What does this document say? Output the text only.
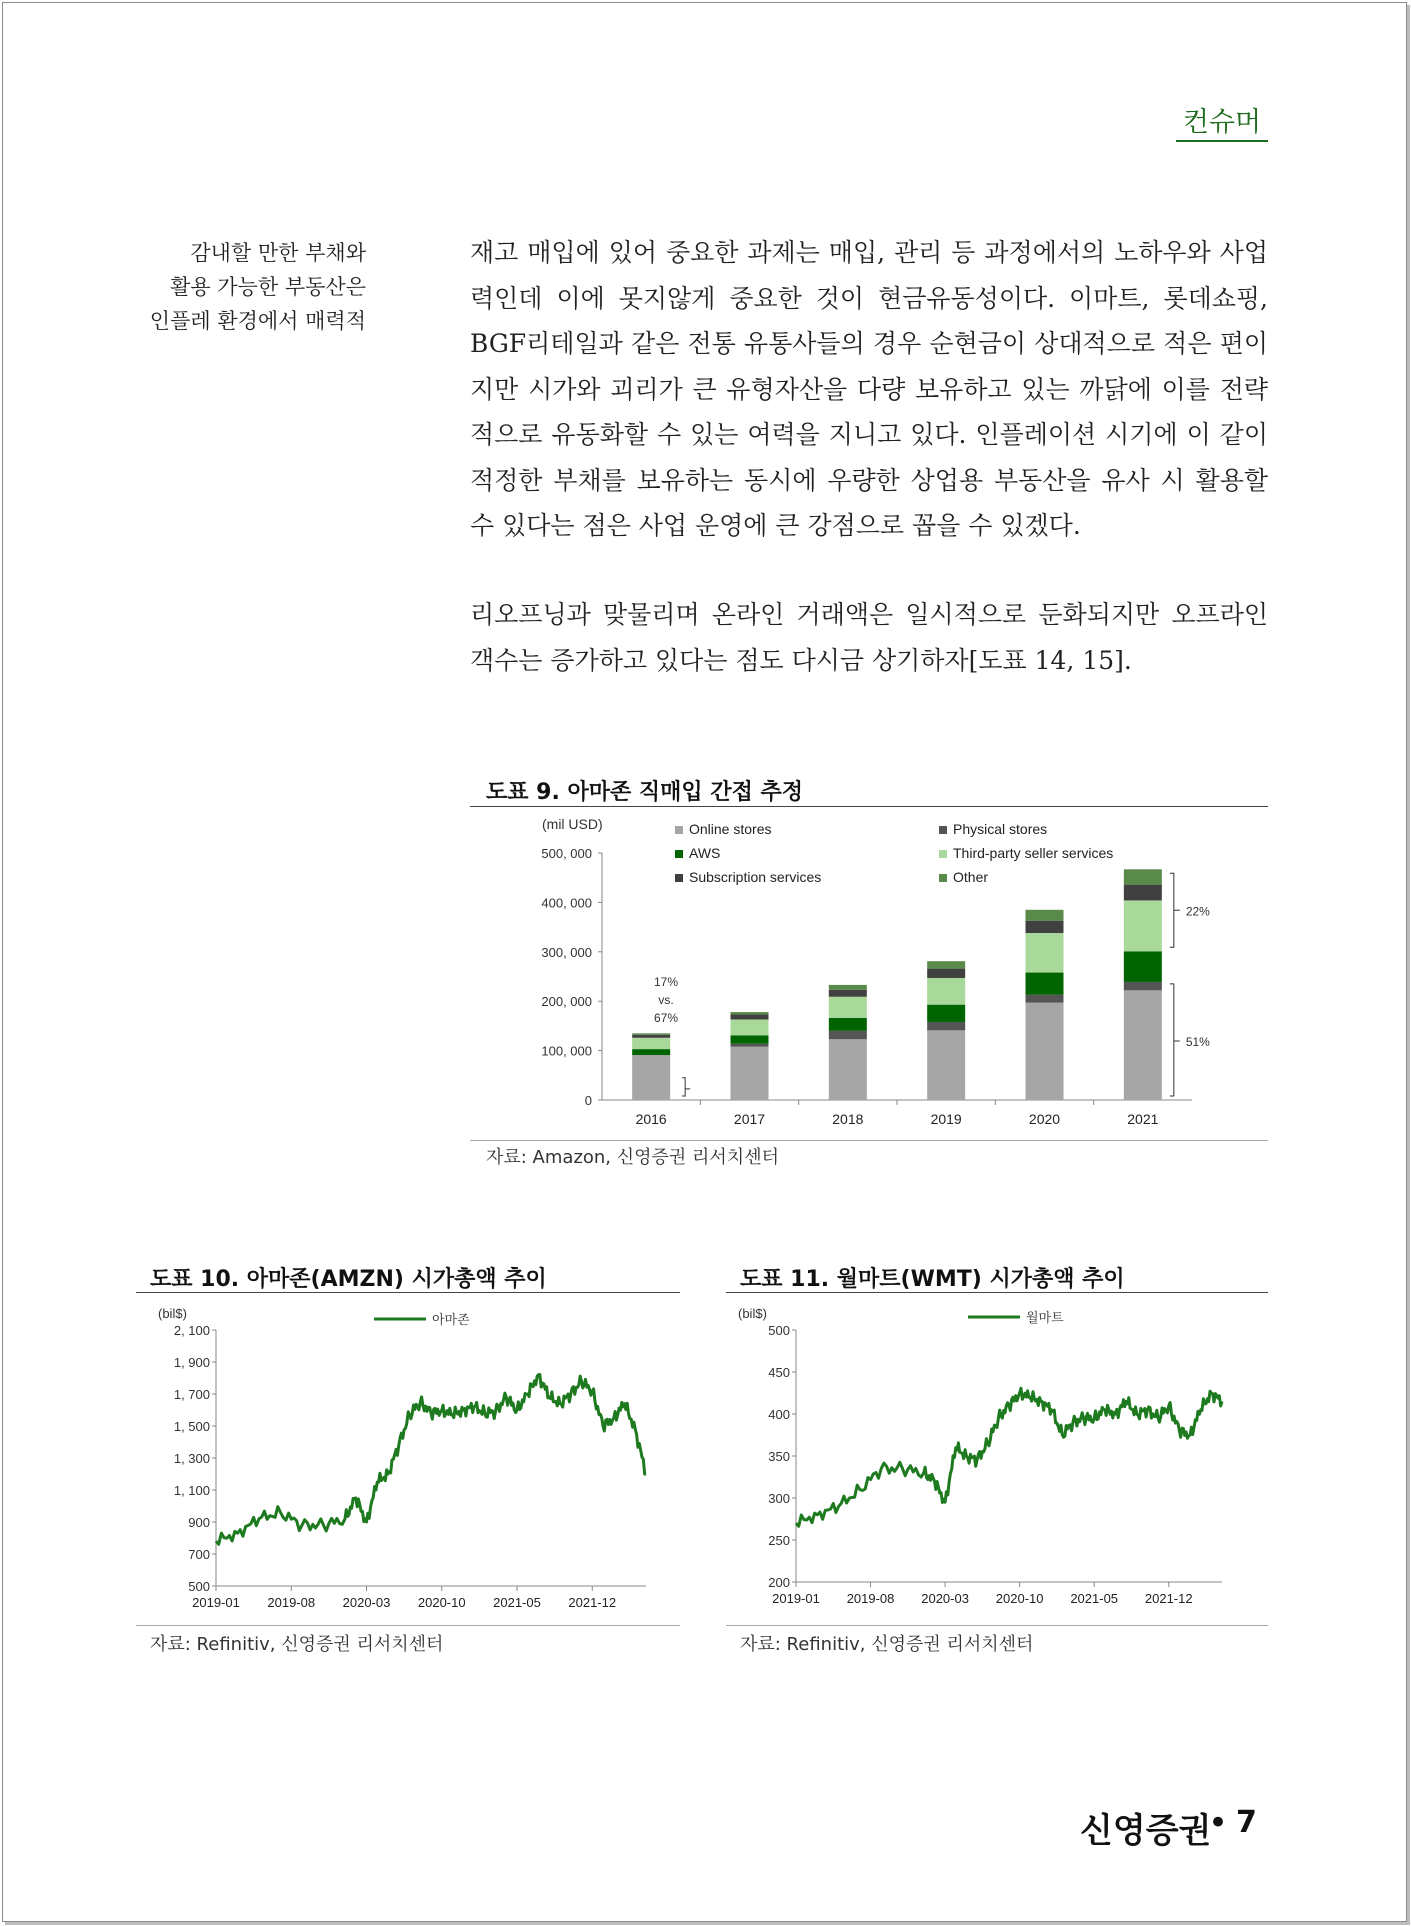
컨슈머
감내할 만한 부채와
활용 가능한 부동산은
인플레 환경에서 매력적
재고 매입에 있어 중요한 과제는 매입, 관리 등 과정에서의 노하우와 사업력인데 이에 못지않게 중요한 것이 현금유동성이다. 이마트, 롯데쇼핑, BGF리테일과 같은 전통 유통사들의 경우 순현금이 상대적으로 적은 편이지만 시가와 괴리가 큰 유형자산을 다량 보유하고 있는 까닭에 이를 전략적으로 유동화할 수 있는 여력을 지니고 있다. 인플레이션 시기에 이 같이 적정한 부채를 보유하는 동시에 우량한 상업용 부동산을 유사 시 활용할 수 있다는 점은 사업 운영에 큰 강점으로 꼽을 수 있겠다.
리오프닝과 맞물리며 온라인 거래액은 일시적으로 둔화되지만 오프라인 객수는 증가하고 있다는 점도 다시금 상기하자[도표 14, 15].
도표 9. 아마존 직매입 간접 추정
(mil USD)
0
100, 000
200, 000
300, 000
400, 000
500, 000
2016	2017	2018	2019	2020	2021
Online stores	Physical stores
AWS	Third-party seller services
Subscription services	Other
17%
vs.
67%
22%
51%
자료: Amazon, 신영증권 리서치센터
도표 10. 아마존(AMZN) 시가총액 추이
(bil$)
500
700
900
1, 100
1, 300
1, 500
1, 700
1, 900
2, 100
2019-01 2019-08 2020-03 2020-10 2021-05 2021-12
아마존
자료: Refinitiv, 신영증권 리서치센터
도표 11. 월마트(WMT) 시가총액 추이
(bil$)
200
250
300
350
400
450
500
2019-01 2019-08 2020-03 2020-10 2021-05 2021-12
월마트
자료: Refinitiv, 신영증권 리서치센터
신영증권
• 7
